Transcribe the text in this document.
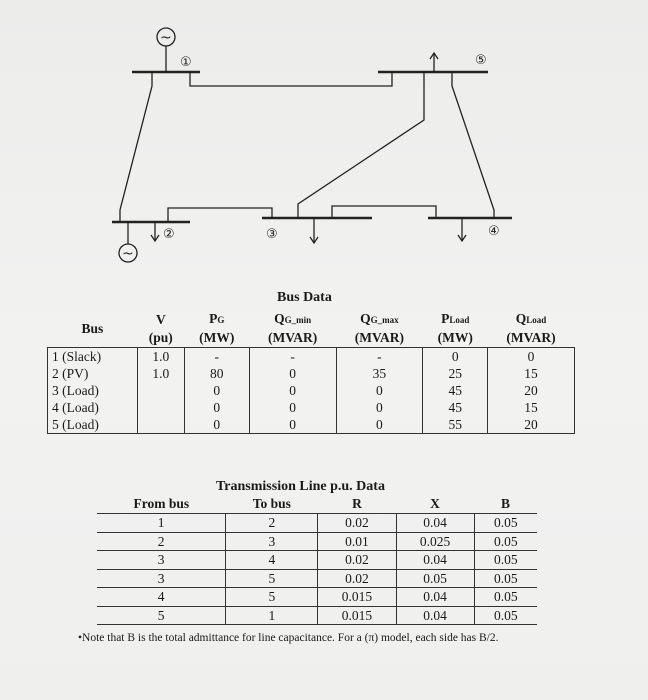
~
~
①
②	③	④
⑤
Bus Data
Bus	V	PG	QG_min	QG_max	PLoad	QLoad
	(pu)	(MW)	(MVAR)	(MVAR)	(MW)	(MVAR)
1 (Slack)	1.0	-	-	-	0	0
2 (PV)	1.0	80	0	35	25	15
3 (Load)		0	0	0	45	20
4 (Load)		0	0	0	45	15
5 (Load)		0	0	0	55	20
Transmission Line p.u. Data
From bus	To bus	R	X	B
1	2	0.02	0.04	0.05
2	3	0.01	0.025	0.05
3	4	0.02	0.04	0.05
3	5	0.02	0.05	0.05
4	5	0.015	0.04	0.05
5	1	0.015	0.04	0.05
•Note that B is the total admittance for line capacitance. For a (π) model, each side has B/2.
